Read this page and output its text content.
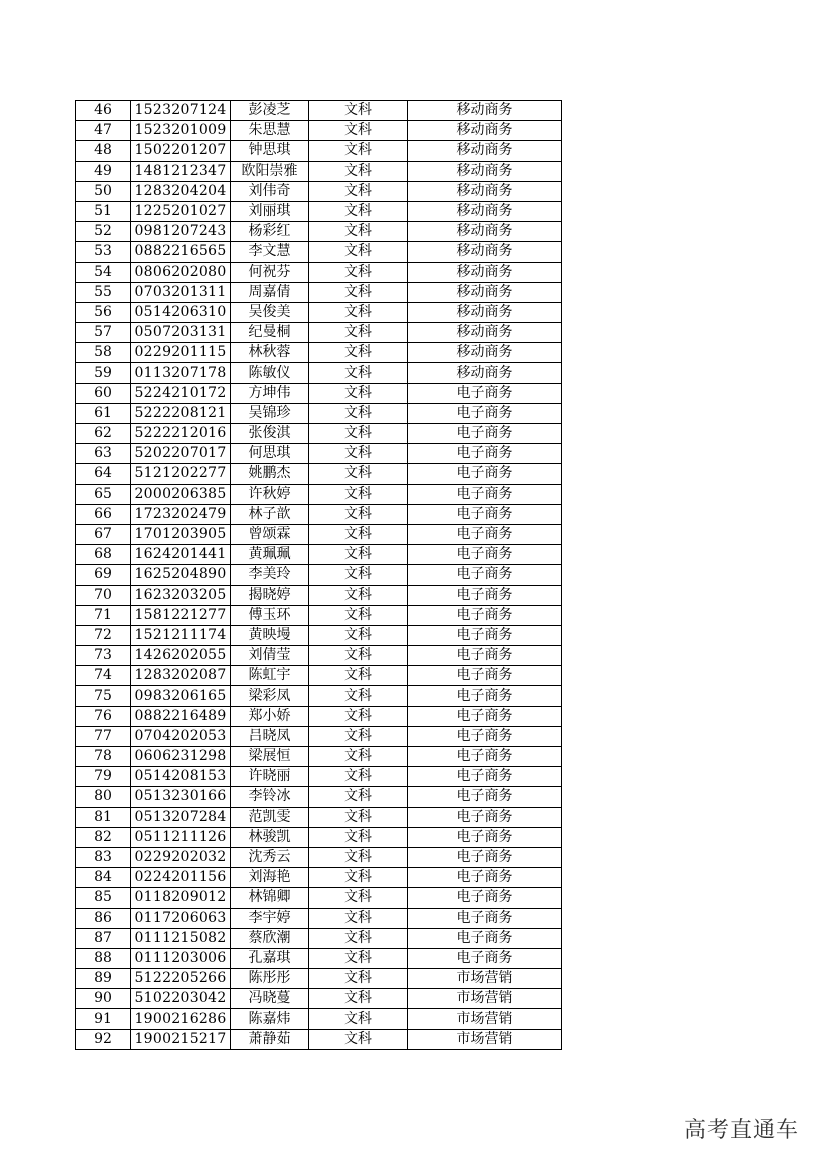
46	1523207124	彭凌芝	文科	移动商务
47	1523201009	朱思慧	文科	移动商务
48	1502201207	钟思琪	文科	移动商务
49	1481212347	欧阳崇雅	文科	移动商务
50	1283204204	刘伟奇	文科	移动商务
51	1225201027	刘丽琪	文科	移动商务
52	0981207243	杨彩红	文科	移动商务
53	0882216565	李文慧	文科	移动商务
54	0806202080	何祝芬	文科	移动商务
55	0703201311	周嘉倩	文科	移动商务
56	0514206310	吴俊美	文科	移动商务
57	0507203131	纪曼桐	文科	移动商务
58	0229201115	林秋蓉	文科	移动商务
59	0113207178	陈敏仪	文科	移动商务
60	5224210172	方坤伟	文科	电子商务
61	5222208121	吴锦珍	文科	电子商务
62	5222212016	张俊淇	文科	电子商务
63	5202207017	何思琪	文科	电子商务
64	5121202277	姚鹏杰	文科	电子商务
65	2000206385	许秋婷	文科	电子商务
66	1723202479	林子歆	文科	电子商务
67	1701203905	曾颂霖	文科	电子商务
68	1624201441	黄珮珮	文科	电子商务
69	1625204890	李美玲	文科	电子商务
70	1623203205	揭晓婷	文科	电子商务
71	1581221277	傅玉环	文科	电子商务
72	1521211174	黄映墁	文科	电子商务
73	1426202055	刘倩莹	文科	电子商务
74	1283202087	陈虹宇	文科	电子商务
75	0983206165	梁彩凤	文科	电子商务
76	0882216489	郑小娇	文科	电子商务
77	0704202053	吕晓凤	文科	电子商务
78	0606231298	梁展恒	文科	电子商务
79	0514208153	许晓丽	文科	电子商务
80	0513230166	李铃冰	文科	电子商务
81	0513207284	范凯雯	文科	电子商务
82	0511211126	林骏凯	文科	电子商务
83	0229202032	沈秀云	文科	电子商务
84	0224201156	刘海艳	文科	电子商务
85	0118209012	林锦卿	文科	电子商务
86	0117206063	李宇婷	文科	电子商务
87	0111215082	蔡欣潮	文科	电子商务
88	0111203006	孔嘉琪	文科	电子商务
89	5122205266	陈彤彤	文科	市场营销
90	5102203042	冯晓蔓	文科	市场营销
91	1900216286	陈嘉炜	文科	市场营销
92	1900215217	萧静茹	文科	市场营销
高考直通车
